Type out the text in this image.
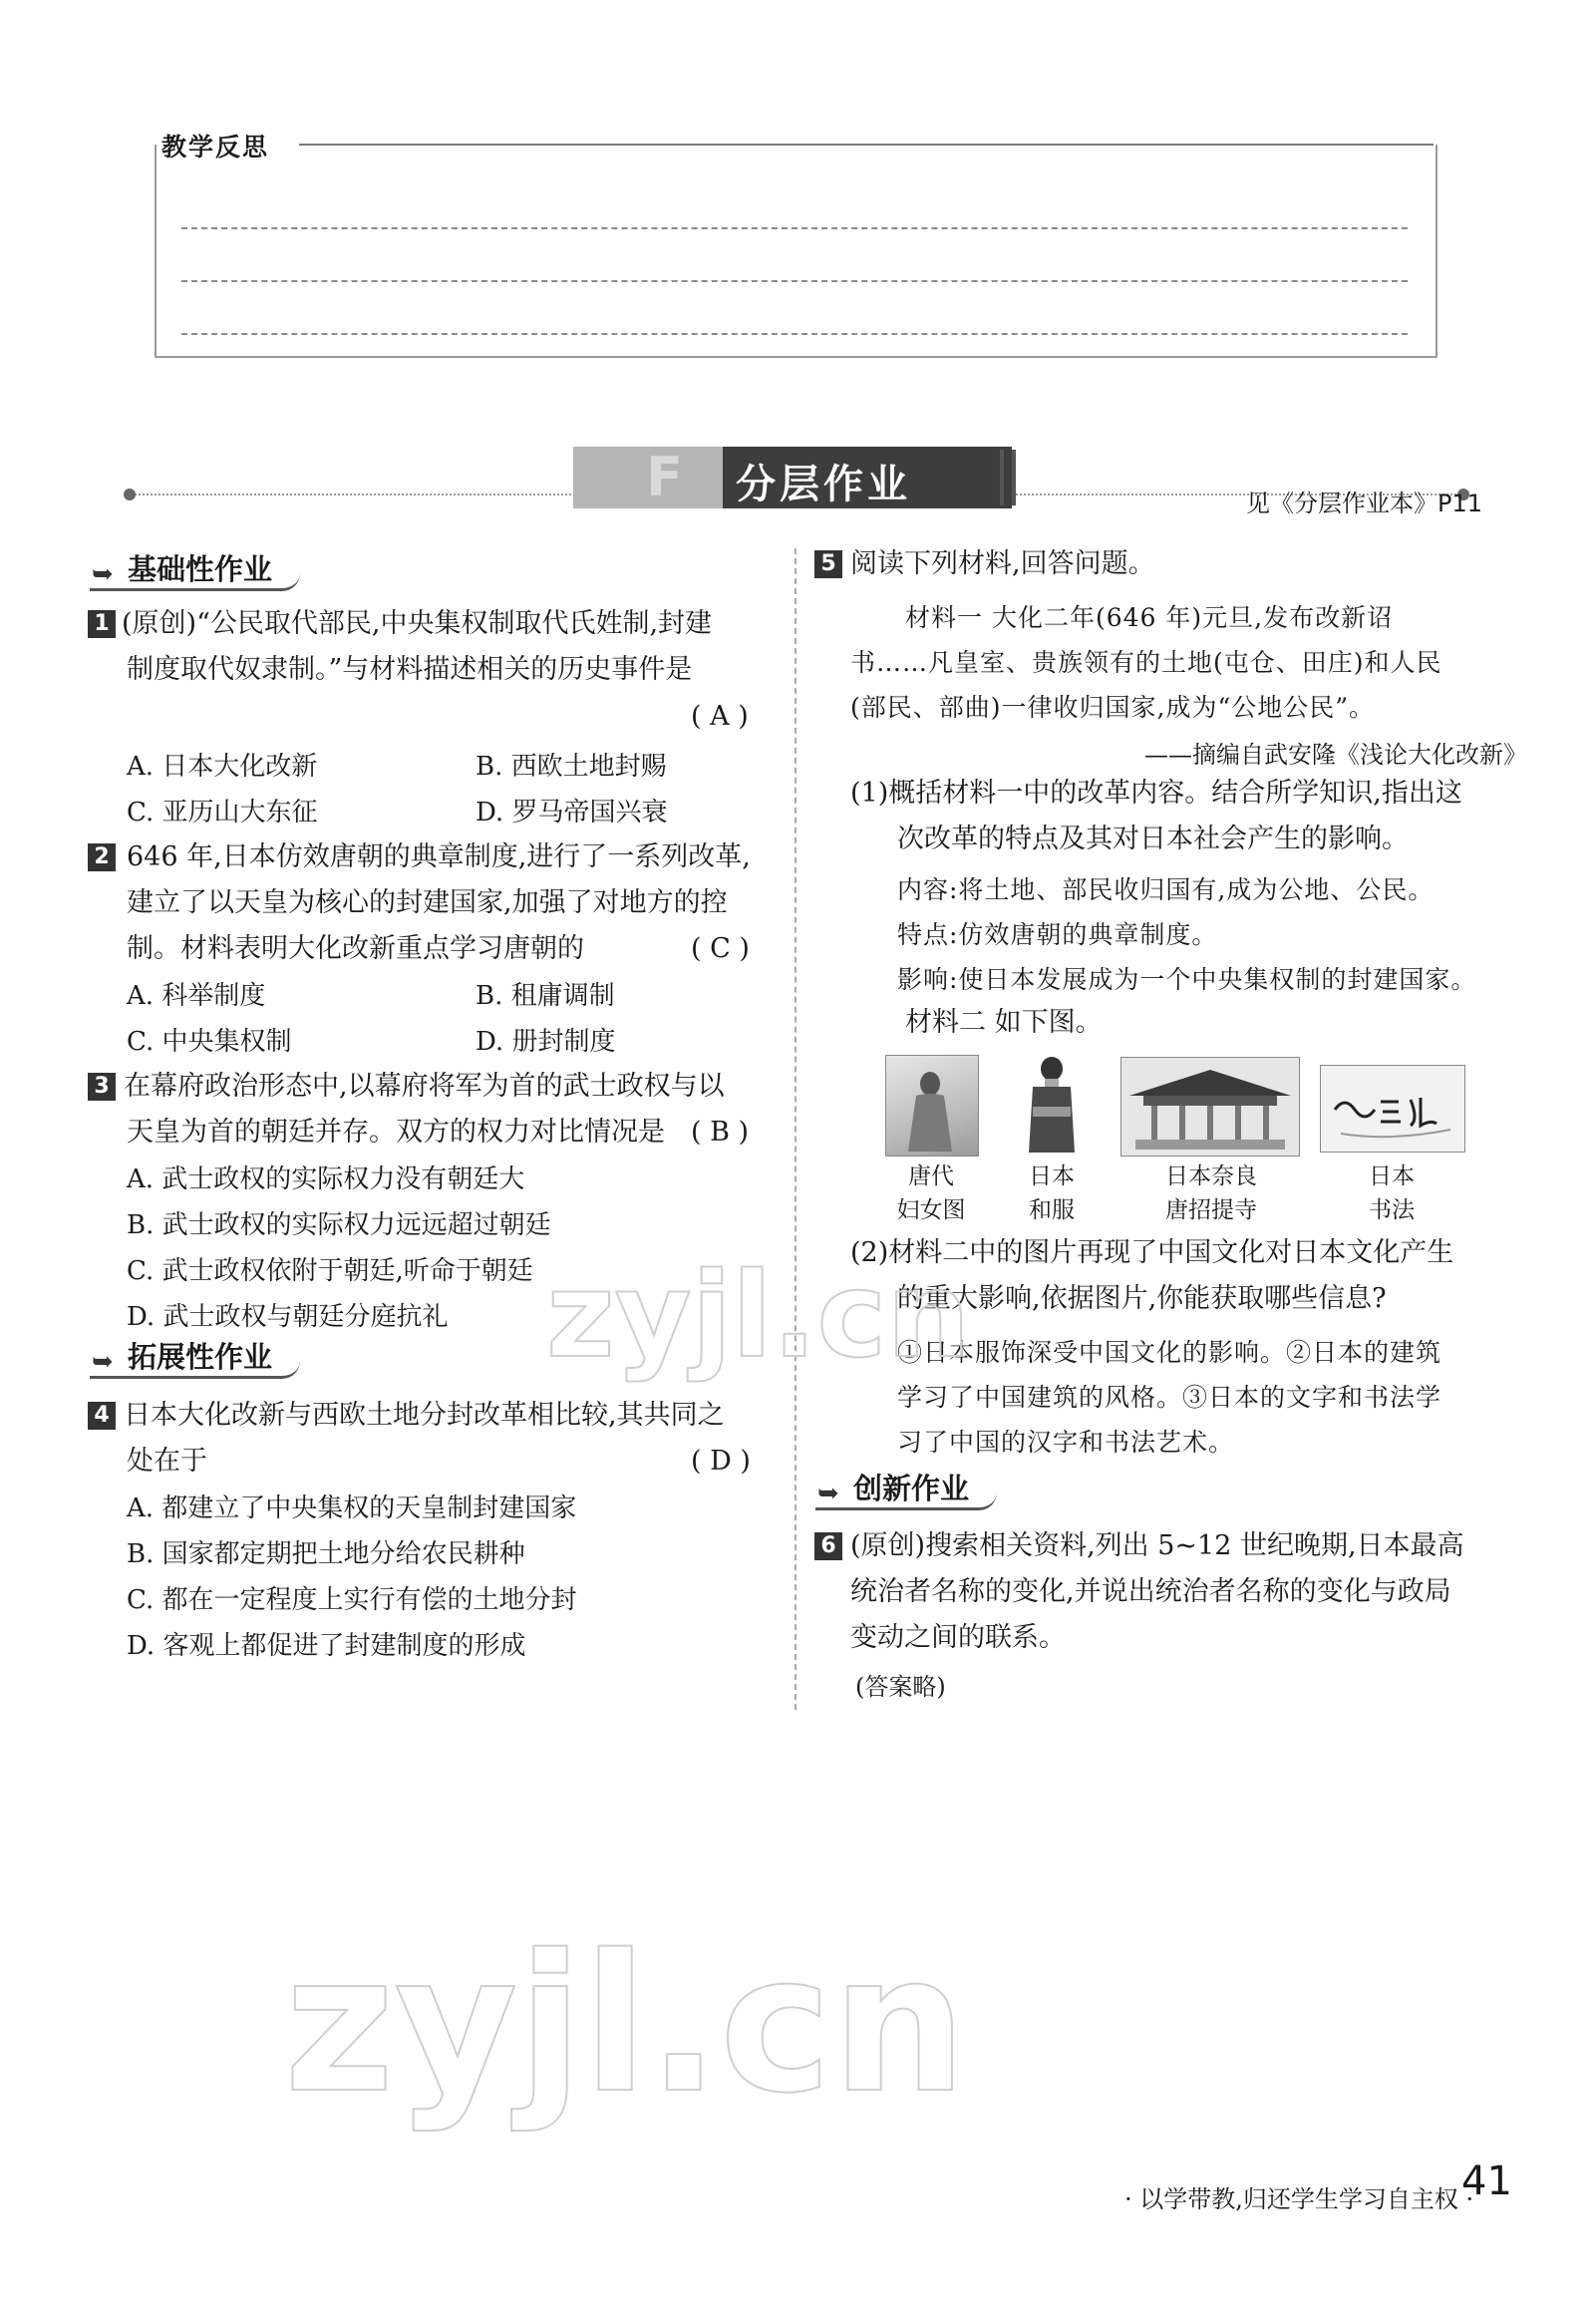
教学反思
F 分层作业	见《分层作业本》P11
➥ 基础性作业
1 (原创)“公民取代部民,中央集权制取代氏姓制,封建
制度取代奴隶制。”与材料描述相关的历史事件是
( A )
A. 日本大化改新	B. 西欧土地封赐
C. 亚历山大东征	D. 罗马帝国兴衰
2 646 年,日本仿效唐朝的典章制度,进行了一系列改革,
建立了以天皇为核心的封建国家,加强了对地方的控
制。材料表明大化改新重点学习唐朝的	( C )
A. 科举制度	B. 租庸调制
C. 中央集权制	D. 册封制度
3 在幕府政治形态中,以幕府将军为首的武士政权与以
天皇为首的朝廷并存。双方的权力对比情况是 ( B )
A. 武士政权的实际权力没有朝廷大
B. 武士政权的实际权力远远超过朝廷
C. 武士政权依附于朝廷,听命于朝廷
D. 武士政权与朝廷分庭抗礼
➥ 拓展性作业
4 日本大化改新与西欧土地分封改革相比较,其共同之
处在于	( D )
A. 都建立了中央集权的天皇制封建国家
B. 国家都定期把土地分给农民耕种
C. 都在一定程度上实行有偿的土地分封
D. 客观上都促进了封建制度的形成
5 阅读下列材料,回答问题。
材料一 大化二年(646 年)元旦,发布改新诏
书……凡皇室、贵族领有的土地(屯仓、田庄)和人民
(部民、部曲)一律收归国家,成为“公地公民”。
——摘编自武安隆《浅论大化改新》
(1)概括材料一中的改革内容。结合所学知识,指出这
次改革的特点及其对日本社会产生的影响。
内容:将土地、部民收归国有,成为公地、公民。
特点:仿效唐朝的典章制度。
影响:使日本发展成为一个中央集权制的封建国家。
材料二 如下图。
唐代
妇女图
日本
和服
日本奈良
唐招提寺
日本
书法
(2)材料二中的图片再现了中国文化对日本文化产生
的重大影响,依据图片,你能获取哪些信息?
①日本服饰深受中国文化的影响。②日本的建筑
学习了中国建筑的风格。③日本的文字和书法学
习了中国的汉字和书法艺术。
➥ 创新作业
6 (原创)搜索相关资料,列出 5~12 世纪晚期,日本最高
统治者名称的变化,并说出统治者名称的变化与政局
变动之间的联系。
(答案略)
zyjl.cn
zyjl.cn
· 以学带教,归还学生学习自主权 ·
41
